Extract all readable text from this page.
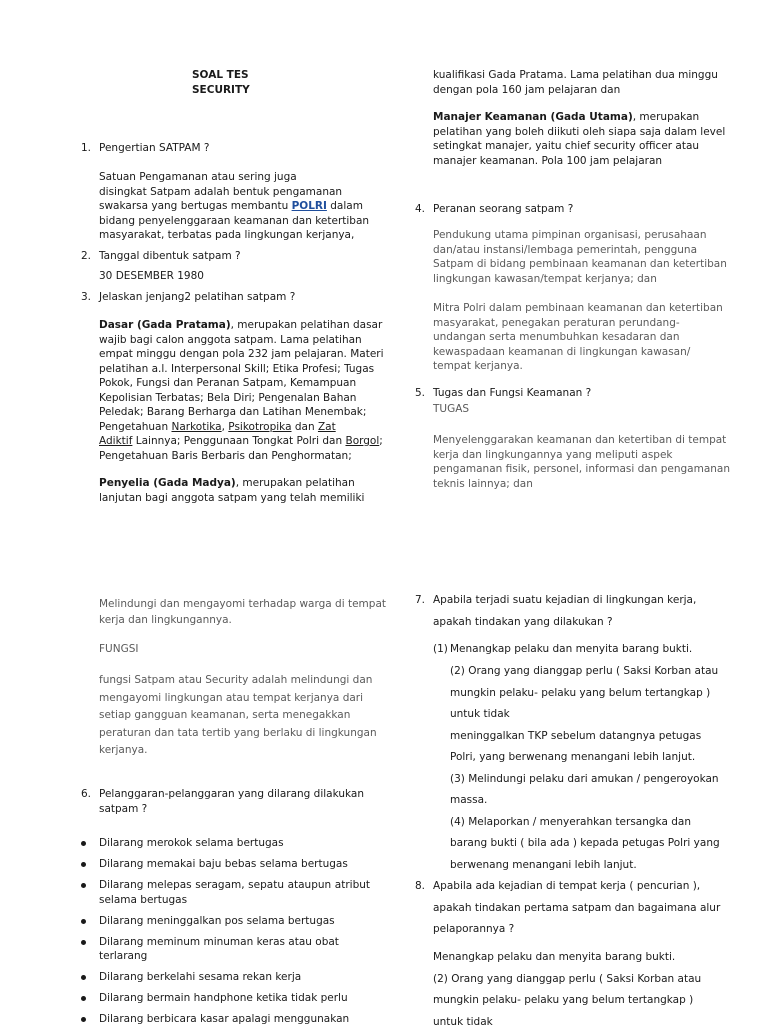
SOAL TES
SECURITY
1. Pengertian SATPAM ?
Satuan Pengamanan atau sering juga
disingkat Satpam adalah bentuk pengamanan
swakarsa yang bertugas membantu POLRI dalam
bidang penyelenggaraan keamanan dan ketertiban
masyarakat, terbatas pada lingkungan kerjanya,
2. Tanggal dibentuk satpam ?
30 DESEMBER 1980
3. Jelaskan jenjang2 pelatihan satpam ?
Dasar (Gada Pratama), merupakan pelatihan dasar
wajib bagi calon anggota satpam. Lama pelatihan
empat minggu dengan pola 232 jam pelajaran. Materi
pelatihan a.l. Interpersonal Skill; Etika Profesi; Tugas
Pokok, Fungsi dan Peranan Satpam, Kemampuan
Kepolisian Terbatas; Bela Diri; Pengenalan Bahan
Peledak; Barang Berharga dan Latihan Menembak;
Pengetahuan Narkotika, Psikotropika dan Zat
Adiktif Lainnya; Penggunaan Tongkat Polri dan Borgol;
Pengetahuan Baris Berbaris dan Penghormatan;
Penyelia (Gada Madya), merupakan pelatihan
lanjutan bagi anggota satpam yang telah memiliki
kualifikasi Gada Pratama. Lama pelatihan dua minggu
dengan pola 160 jam pelajaran dan
Manajer Keamanan (Gada Utama), merupakan
pelatihan yang boleh diikuti oleh siapa saja dalam level
setingkat manajer, yaitu chief security officer atau
manajer keamanan. Pola 100 jam pelajaran
4. Peranan seorang satpam ?
Pendukung utama pimpinan organisasi, perusahaan
dan/atau instansi/lembaga pemerintah, pengguna
Satpam di bidang pembinaan keamanan dan ketertiban
lingkungan kawasan/tempat kerjanya; dan
Mitra Polri dalam pembinaan keamanan dan ketertiban
masyarakat, penegakan peraturan perundang-
undangan serta menumbuhkan kesadaran dan
kewaspadaan keamanan di lingkungan kawasan/
tempat kerjanya.
5. Tugas dan Fungsi Keamanan ?
TUGAS
Menyelenggarakan keamanan dan ketertiban di tempat
kerja dan lingkungannya yang meliputi aspek
pengamanan fisik, personel, informasi dan pengamanan
teknis lainnya; dan
Melindungi dan mengayomi terhadap warga di tempat
kerja dan lingkungannya.
FUNGSI
fungsi Satpam atau Security adalah melindungi dan
mengayomi lingkungan atau tempat kerjanya dari
setiap gangguan keamanan, serta menegakkan
peraturan dan tata tertib yang berlaku di lingkungan
kerjanya.
6. Pelanggaran-pelanggaran yang dilarang dilakukan
satpam ?
Dilarang merokok selama bertugas
Dilarang memakai baju bebas selama bertugas
Dilarang melepas seragam, sepatu ataupun atribut selama bertugas
Dilarang meninggalkan pos selama bertugas
Dilarang meminum minuman keras atau obat terlarang
Dilarang berkelahi sesama rekan kerja
Dilarang bermain handphone ketika tidak perlu
Dilarang berbicara kasar apalagi menggunakan
7. Apabila terjadi suatu kejadian di lingkungan kerja,
apakah tindakan yang dilakukan ?
(1) Menangkap pelaku dan menyita barang bukti.
(2) Orang yang dianggap perlu ( Saksi Korban atau
mungkin pelaku- pelaku yang belum tertangkap )
untuk tidak
meninggalkan TKP sebelum datangnya petugas
Polri, yang berwenang menangani lebih lanjut.
(3) Melindungi pelaku dari amukan / pengeroyokan
massa.
(4) Melaporkan / menyerahkan tersangka dan
barang bukti ( bila ada ) kepada petugas Polri yang
berwenang menangani lebih lanjut.
8. Apabila ada kejadian di tempat kerja ( pencurian ),
apakah tindakan pertama satpam dan bagaimana alur
pelaporannya ?
Menangkap pelaku dan menyita barang bukti.
(2) Orang yang dianggap perlu ( Saksi Korban atau
mungkin pelaku- pelaku yang belum tertangkap )
untuk tidak
